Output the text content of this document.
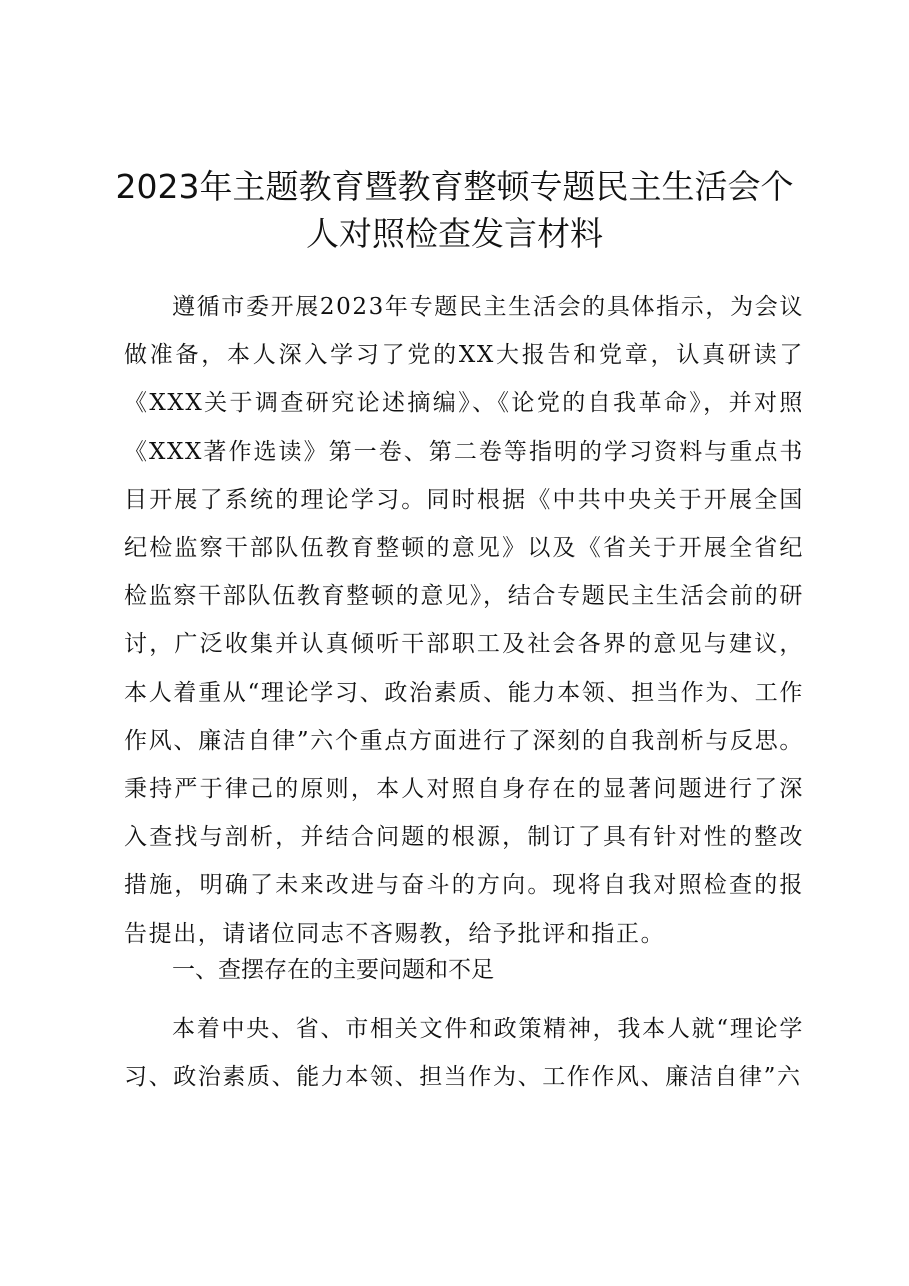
2023年主题教育暨教育整顿专题民主生活会个
人对照检查发言材料

遵循市委开展2023年专题民主生活会的具体指示，为会议做准备，本人深入学习了党的XX大报告和党章，认真研读了《XXX关于调查研究论述摘编》、《论党的自我革命》，并对照《XXX著作选读》第一卷、第二卷等指明的学习资料与重点书目开展了系统的理论学习。同时根据《中共中央关于开展全国纪检监察干部队伍教育整顿的意见》以及《省关于开展全省纪检监察干部队伍教育整顿的意见》，结合专题民主生活会前的研讨，广泛收集并认真倾听干部职工及社会各界的意见与建议，本人着重从“理论学习、政治素质、能力本领、担当作为、工作作风、廉洁自律”六个重点方面进行了深刻的自我剖析与反思。秉持严于律己的原则，本人对照自身存在的显著问题进行了深入查找与剖析，并结合问题的根源，制订了具有针对性的整改措施，明确了未来改进与奋斗的方向。现将自我对照检查的报告提出，请诸位同志不吝赐教，给予批评和指正。

一、查摆存在的主要问题和不足

本着中央、省、市相关文件和政策精神，我本人就“理论学习、政治素质、能力本领、担当作为、工作作风、廉洁自律”六
